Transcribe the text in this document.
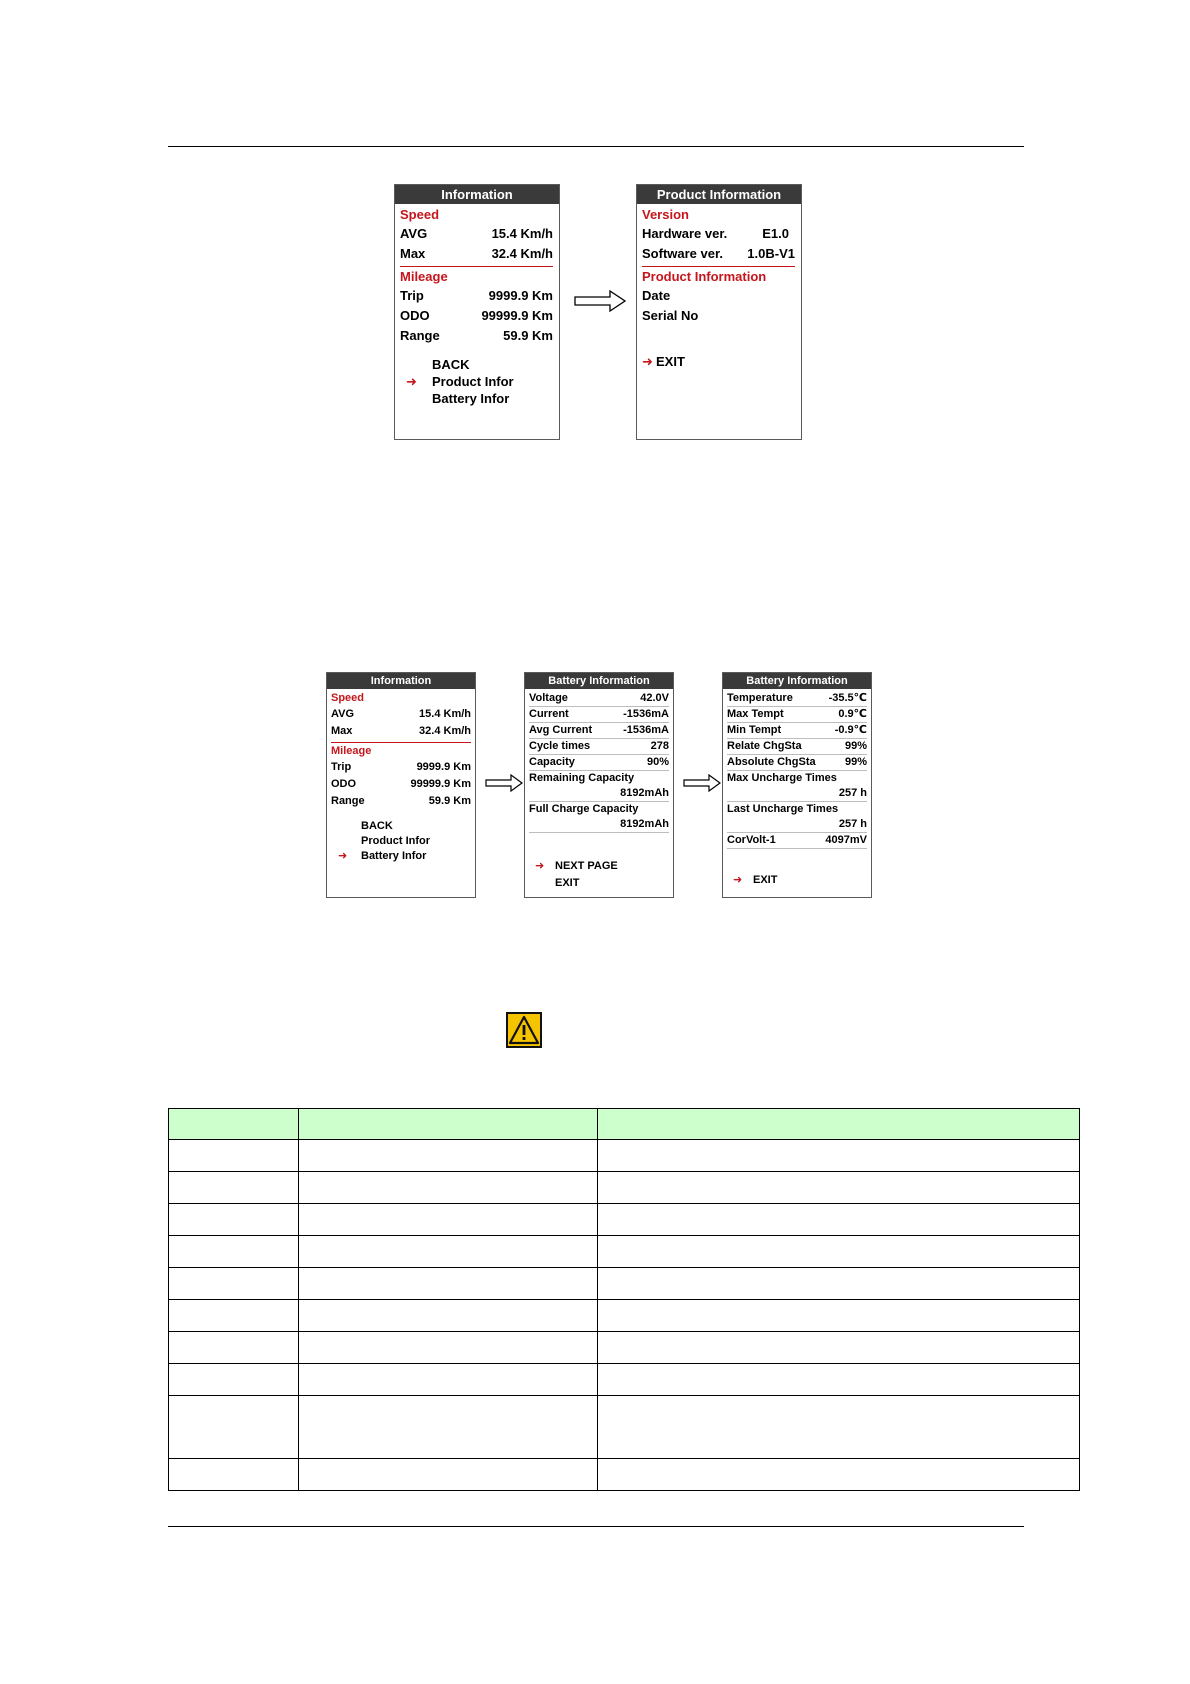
Information
Speed
AVG	15.4 Km/h
Max	32.4 Km/h
Mileage
Trip	9999.9 Km
ODO	99999.9 Km
Range	59.9 Km
BACK
➜ Product Infor
Battery Infor
Product Information
Version
Hardware ver.	E1.0
Software ver. 1.0B-V1
Product Information
Date
Serial No
➜ EXIT
Information
Speed
AVG	15.4 Km/h
Max	32.4 Km/h
Mileage
Trip	9999.9 Km
ODO	99999.9 Km
Range	59.9 Km
BACK
Product Infor
➜ Battery Infor
Battery Information
Voltage	42.0V
Current	-1536mA
Avg Current	-1536mA
Cycle times	278
Capacity	90%
Remaining Capacity
8192mAh
Full Charge Capacity
8192mAh
➜ NEXT PAGE
EXIT
Battery Information
Temperature	-35.5℃
Max Tempt	0.9℃
Min Tempt	-0.9℃
Relate ChgSta	99%
Absolute ChgSta	99%
Max Uncharge Times
257 h
Last Uncharge Times
257 h
CorVolt-1	4097mV
➜ EXIT
